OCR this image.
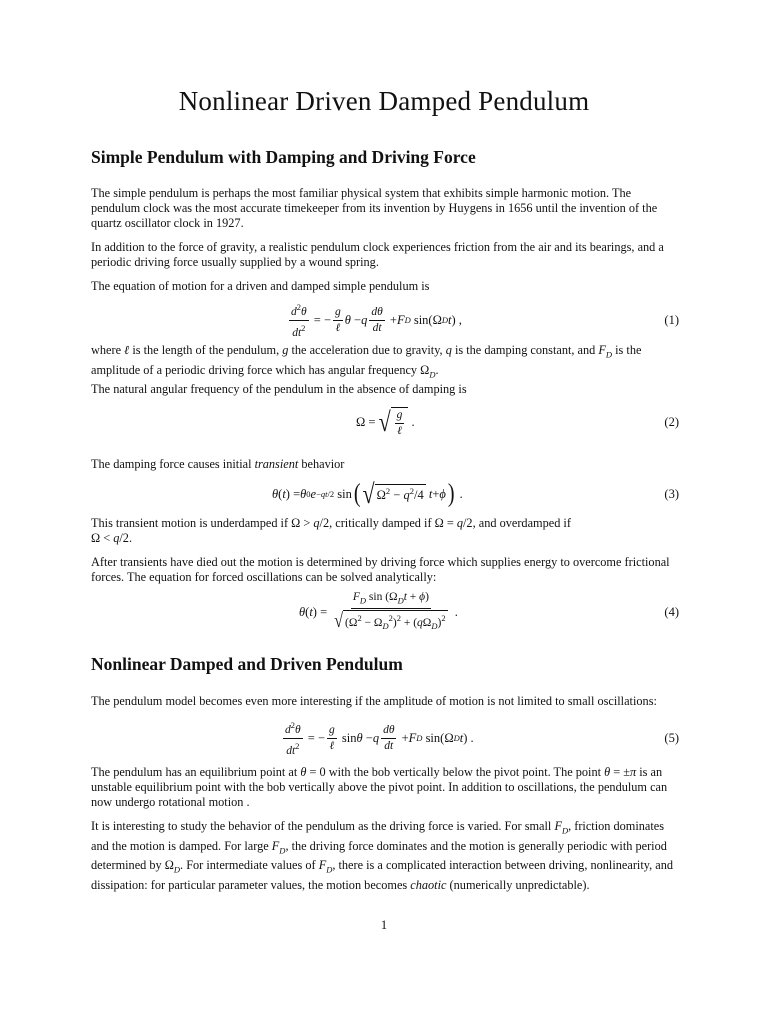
Nonlinear Driven Damped Pendulum
Simple Pendulum with Damping and Driving Force

The simple pendulum is perhaps the most familiar physical system that exhibits simple harmonic motion. The pendulum clock was the most accurate timekeeper from its invention by Huygens in 1656 until the invention of the quartz oscillator clock in 1927.

In addition to the force of gravity, a realistic pendulum clock experiences friction from the air and its bearings, and a periodic driving force usually supplied by a wound spring.

The equation of motion for a driven and damped simple pendulum is

$\frac{d^2\theta}{dt^2}$ = − $\frac{g}{\text{ℓ}}$ θ − q $\frac{d\theta}{dt} + F$ D sin(Ω D t ) ,	(1)

where ℓ is the length of the pendulum, g the acceleration due to gravity, q is the damping constant, and $F_D$ is the amplitude of a periodic driving force which has angular frequency $\Omega_D$.

The natural angular frequency of the pendulum in the absence of damping is

Ω = √ $\frac{g}{\text{ℓ}}$ .	(2)

The damping force causes initial transient behavior

θ ( t ) = θ 0 e −qt/2 sin ( √ $\Omega^2 - q^2/4$
t + ϕ ) .	(3)

This transient motion is underdamped if Ω > q/2, critically damped if Ω = q/2, and overdamped if
Ω < q/2.

After transients have died out the motion is determined by driving force which supplies energy to overcome frictional forces. The equation for forced oscillations can be solved analytically:

θ ( t ) = $\frac{F_D \sin (\Omega_Dt + \phi)}{√ (\Omega^2 - \Omega_D^2)^2 + (q\Omega_D)^2}$ .	(4)
Nonlinear Damped and Driven Pendulum

The pendulum model becomes even more interesting if the amplitude of motion is not limited to small oscillations:

$\frac{d^2\theta}{dt^2}$ = − $\frac{g}{\text{ℓ}}$ sin θ − q $\frac{d\theta}{dt} + F$ D sin(Ω D t ) .	(5)

The pendulum has an equilibrium point at θ = 0 with the bob vertically below the pivot point. The point θ = ±π is an unstable equilibrium point with the bob vertically above the pivot point. In addition to oscillations, the pendulum can now undergo rotational motion .

It is interesting to study the behavior of the pendulum as the driving force is varied. For small $F_D$, friction dominates and the motion is damped. For large $F_D$, the driving force dominates and the motion is generally periodic with period determined by $\Omega_D$. For intermediate values of $F_D$, there is a complicated interaction between driving, nonlinearity, and dissipation: for particular parameter values, the motion becomes chaotic (numerically unpredictable).

1
